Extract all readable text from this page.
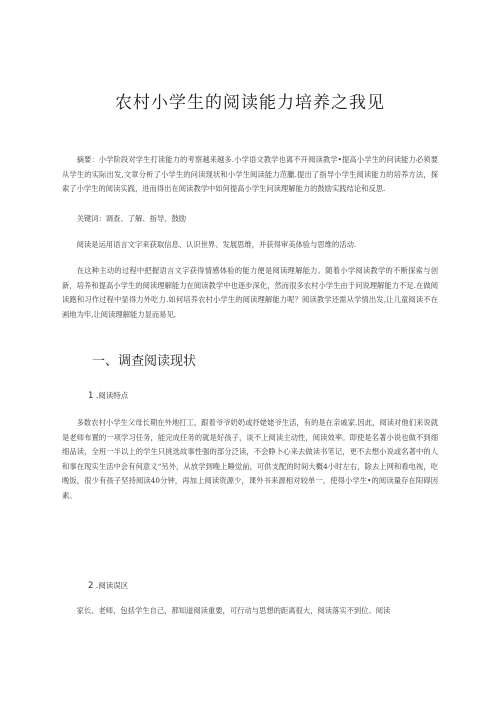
农村小学生的阅读能力培养之我见

摘要：小学阶段对学生打读能力的考察越来越多.小学语文教学也离不开阅读教学•提高小学生的问读能力必须要从学生的实际出发,文章分析了小学生的问读现状和小学生阅读能力范臘.提出了指导小学生阅读能力的培养方法，探索了小学生的阅读实践，进而得出在阅读教学中如何提高小学生问读理解能力的鼓励实践结论和反思.

关键词：调查、了解、指导、鼓励

阅读是运用语言文字来获取信息、认识世界、发展思维，并获得审美体验与思维的活动.

在这种主动的过程中把握语言文字获得情感体验的能力便是阅读理解能力。随着小学阅读教学的不断探索与创新，培养和提高小学生的阅读理解能力在阅读教学中也逐步深化，然而很多农村小学生由于问说理解能力不足.在做阅读跑和习作过程中显得力外吃力.如何培养农村小学生的阅读理解能力呢？阅读教学还需从学情出发,让儿童阅读不在画地为牢,让阅读理解能力显而易见,

一、调查阅读现状
1 .阅读特点

多数农村小学生父母长期在外地打工，跟着爷爷奶奶或抒姥姥爷生活，有的是在亲戚家.因此，阅读对他们来说就是老师布置的一项学习任务，能完成任务的就是好孩子，谈不上阅读主动性，阅读效率。即使是名著小说也做不到细细品读，全班一半以上的学生只挑选故事性强的部分泛读，不会睁卜心来去做读书笔记，更不去想小说或名著中的人和事在现实生活中会有何意义“另外，从放学到晚上睡觉前，可供支配的时间大概4小时左右，除去上网和看电视，吃晚饭，很少有孩子坚持阅读40分钟，再加上阅读资源少，课外书来源相对较单一，使得小学生•的阅读量存在阳碍因素。

2 .阅读误区

家长、老师，包括学生自己，都知道阅读重要，可行动与思想的距离很大，阅读落实不到位。阅读
